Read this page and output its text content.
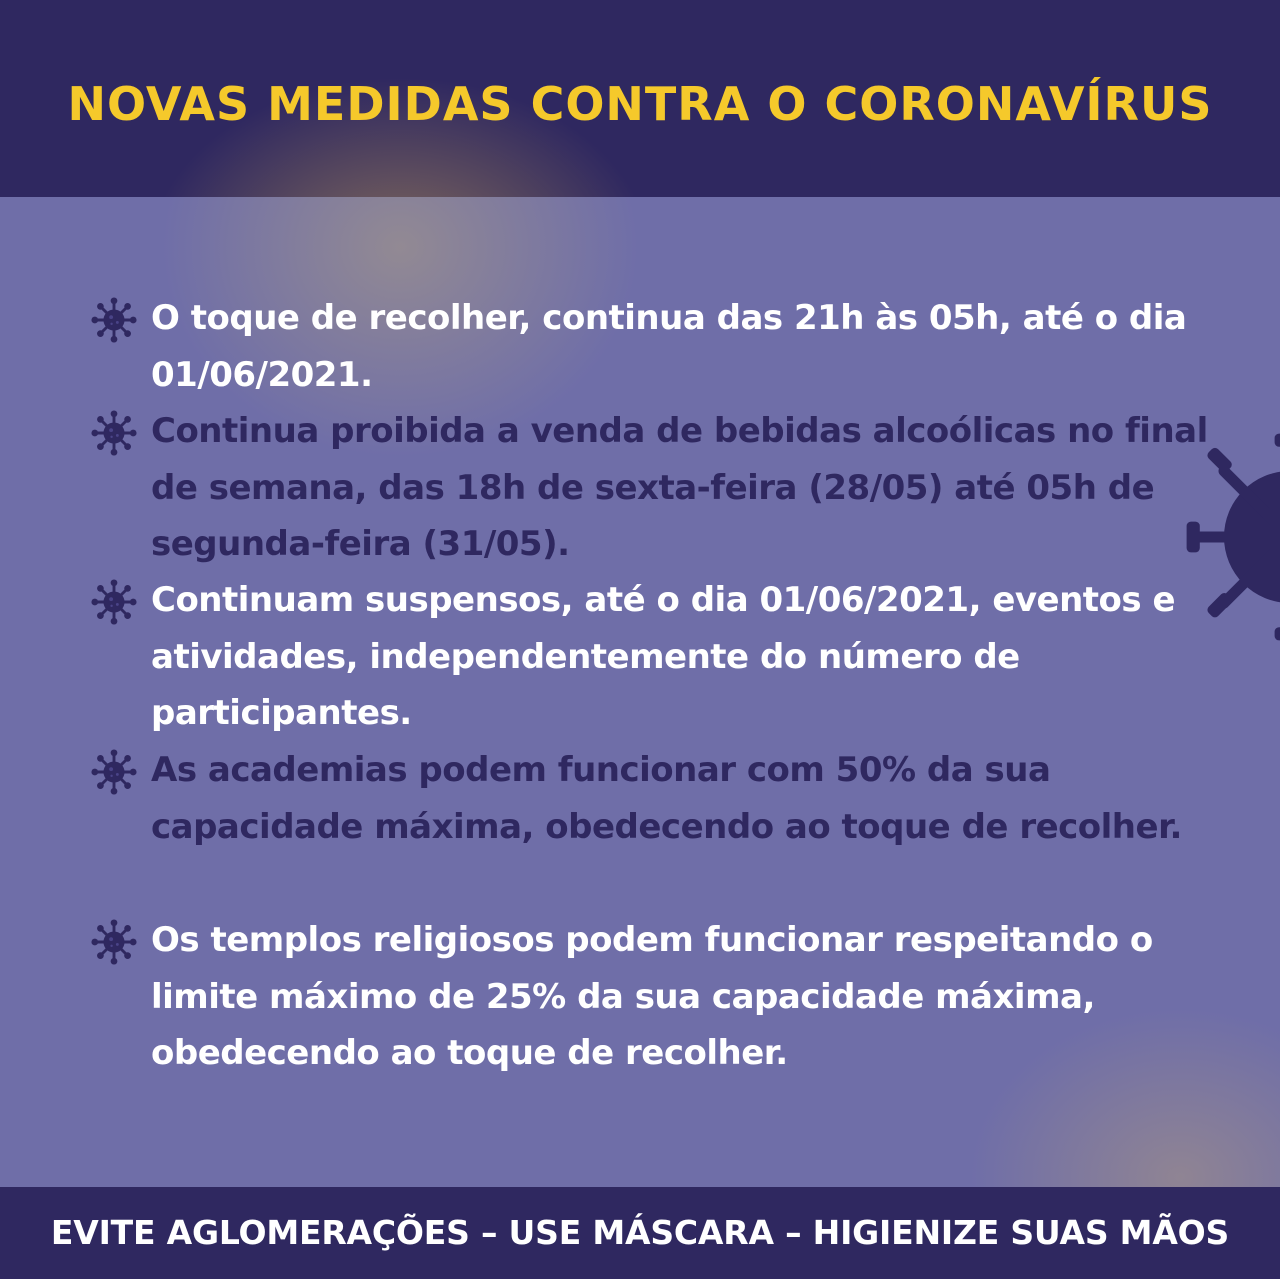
NOVAS MEDIDAS CONTRA O CORONAVÍRUS

O toque de recolher, continua das 21h às 05h, até o dia 01/06/2021.

Continua proibida a venda de bebidas alcoólicas no final de semana, das 18h de sexta-feira (28/05) até 05h de segunda-feira (31/05).

Continuam suspensos, até o dia 01/06/2021, eventos e atividades, independentemente do número de participantes.

As academias podem funcionar com 50% da sua capacidade máxima, obedecendo ao toque de recolher.

Os templos religiosos podem funcionar respeitando o limite máximo de 25% da sua capacidade máxima, obedecendo ao toque de recolher.

EVITE AGLOMERAÇÕES – USE MÁSCARA – HIGIENIZE SUAS MÃOS
